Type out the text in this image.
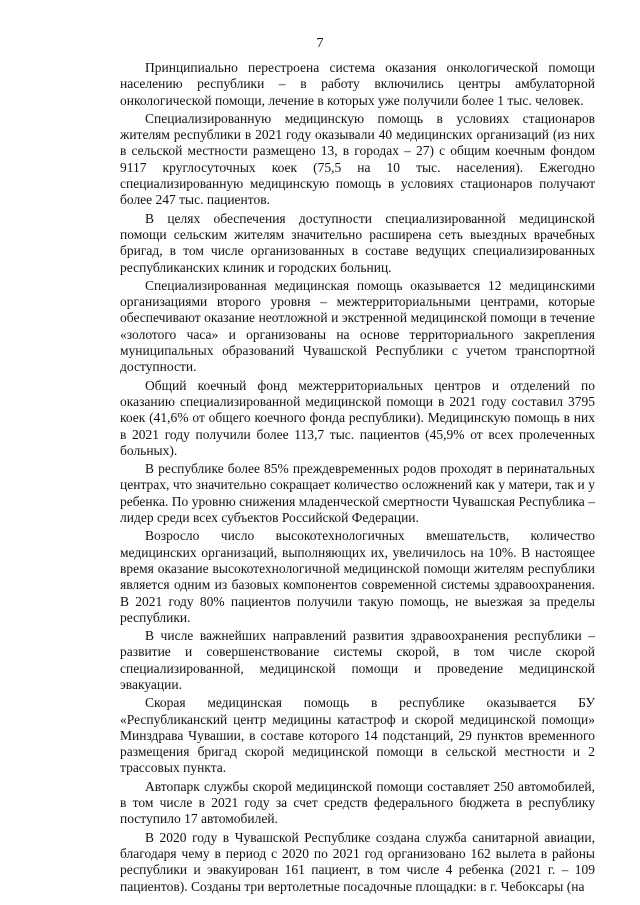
7

Принципиально перестроена система оказания онкологической помощи населению республики – в работу включились центры амбулаторной онкологической помощи, лечение в которых уже получили более 1 тыс. человек.

Специализированную медицинскую помощь в условиях стационаров жителям республики в 2021 году оказывали 40 медицинских организаций (из них в сельской местности размещено 13, в городах – 27) с общим коечным фондом 9117 круглосуточных коек (75,5 на 10 тыс. населения). Ежегодно специализированную медицинскую помощь в условиях стационаров получают более 247 тыс. пациентов.

В целях обеспечения доступности специализированной медицинской помощи сельским жителям значительно расширена сеть выездных врачебных бригад, в том числе организованных в составе ведущих специализированных республиканских клиник и городских больниц.

Специализированная медицинская помощь оказывается 12 медицинскими организациями второго уровня – межтерриториальными центрами, которые обеспечивают оказание неотложной и экстренной медицинской помощи в течение «золотого часа» и организованы на основе территориального закрепления муниципальных образований Чувашской Республики с учетом транспортной доступности.

Общий коечный фонд межтерриториальных центров и отделений по оказанию специализированной медицинской помощи в 2021 году составил 3795 коек (41,6% от общего коечного фонда республики). Медицинскую помощь в них в 2021 году получили более 113,7 тыс. пациентов (45,9% от всех пролеченных больных).

В республике более 85% преждевременных родов проходят в перинатальных центрах, что значительно сокращает количество осложнений как у матери, так и у ребенка. По уровню снижения младенческой смертности Чувашская Республика – лидер среди всех субъектов Российской Федерации.

Возросло число высокотехнологичных вмешательств, количество медицинских организаций, выполняющих их, увеличилось на 10%. В настоящее время оказание высокотехнологичной медицинской помощи жителям республики является одним из базовых компонентов современной системы здравоохранения. В 2021 году 80% пациентов получили такую помощь, не выезжая за пределы республики.

В числе важнейших направлений развития здравоохранения республики – развитие и совершенствование системы скорой, в том числе скорой специализированной, медицинской помощи и проведение медицинской эвакуации.

Скорая медицинская помощь в республике оказывается БУ «Республиканский центр медицины катастроф и скорой медицинской помощи» Минздрава Чувашии, в составе которого 14 подстанций, 29 пунктов временного размещения бригад скорой медицинской помощи в сельской местности и 2 трассовых пункта.

Автопарк службы скорой медицинской помощи составляет 250 автомобилей, в том числе в 2021 году за счет средств федерального бюджета в республику поступило 17 автомобилей.

В 2020 году в Чувашской Республике создана служба санитарной авиации, благодаря чему в период с 2020 по 2021 год организовано 162 вылета в районы республики и эвакуирован 161 пациент, в том числе 4 ребенка (2021 г. – 109 пациентов). Созданы три вертолетные посадочные площадки: в г. Чебоксары (на
